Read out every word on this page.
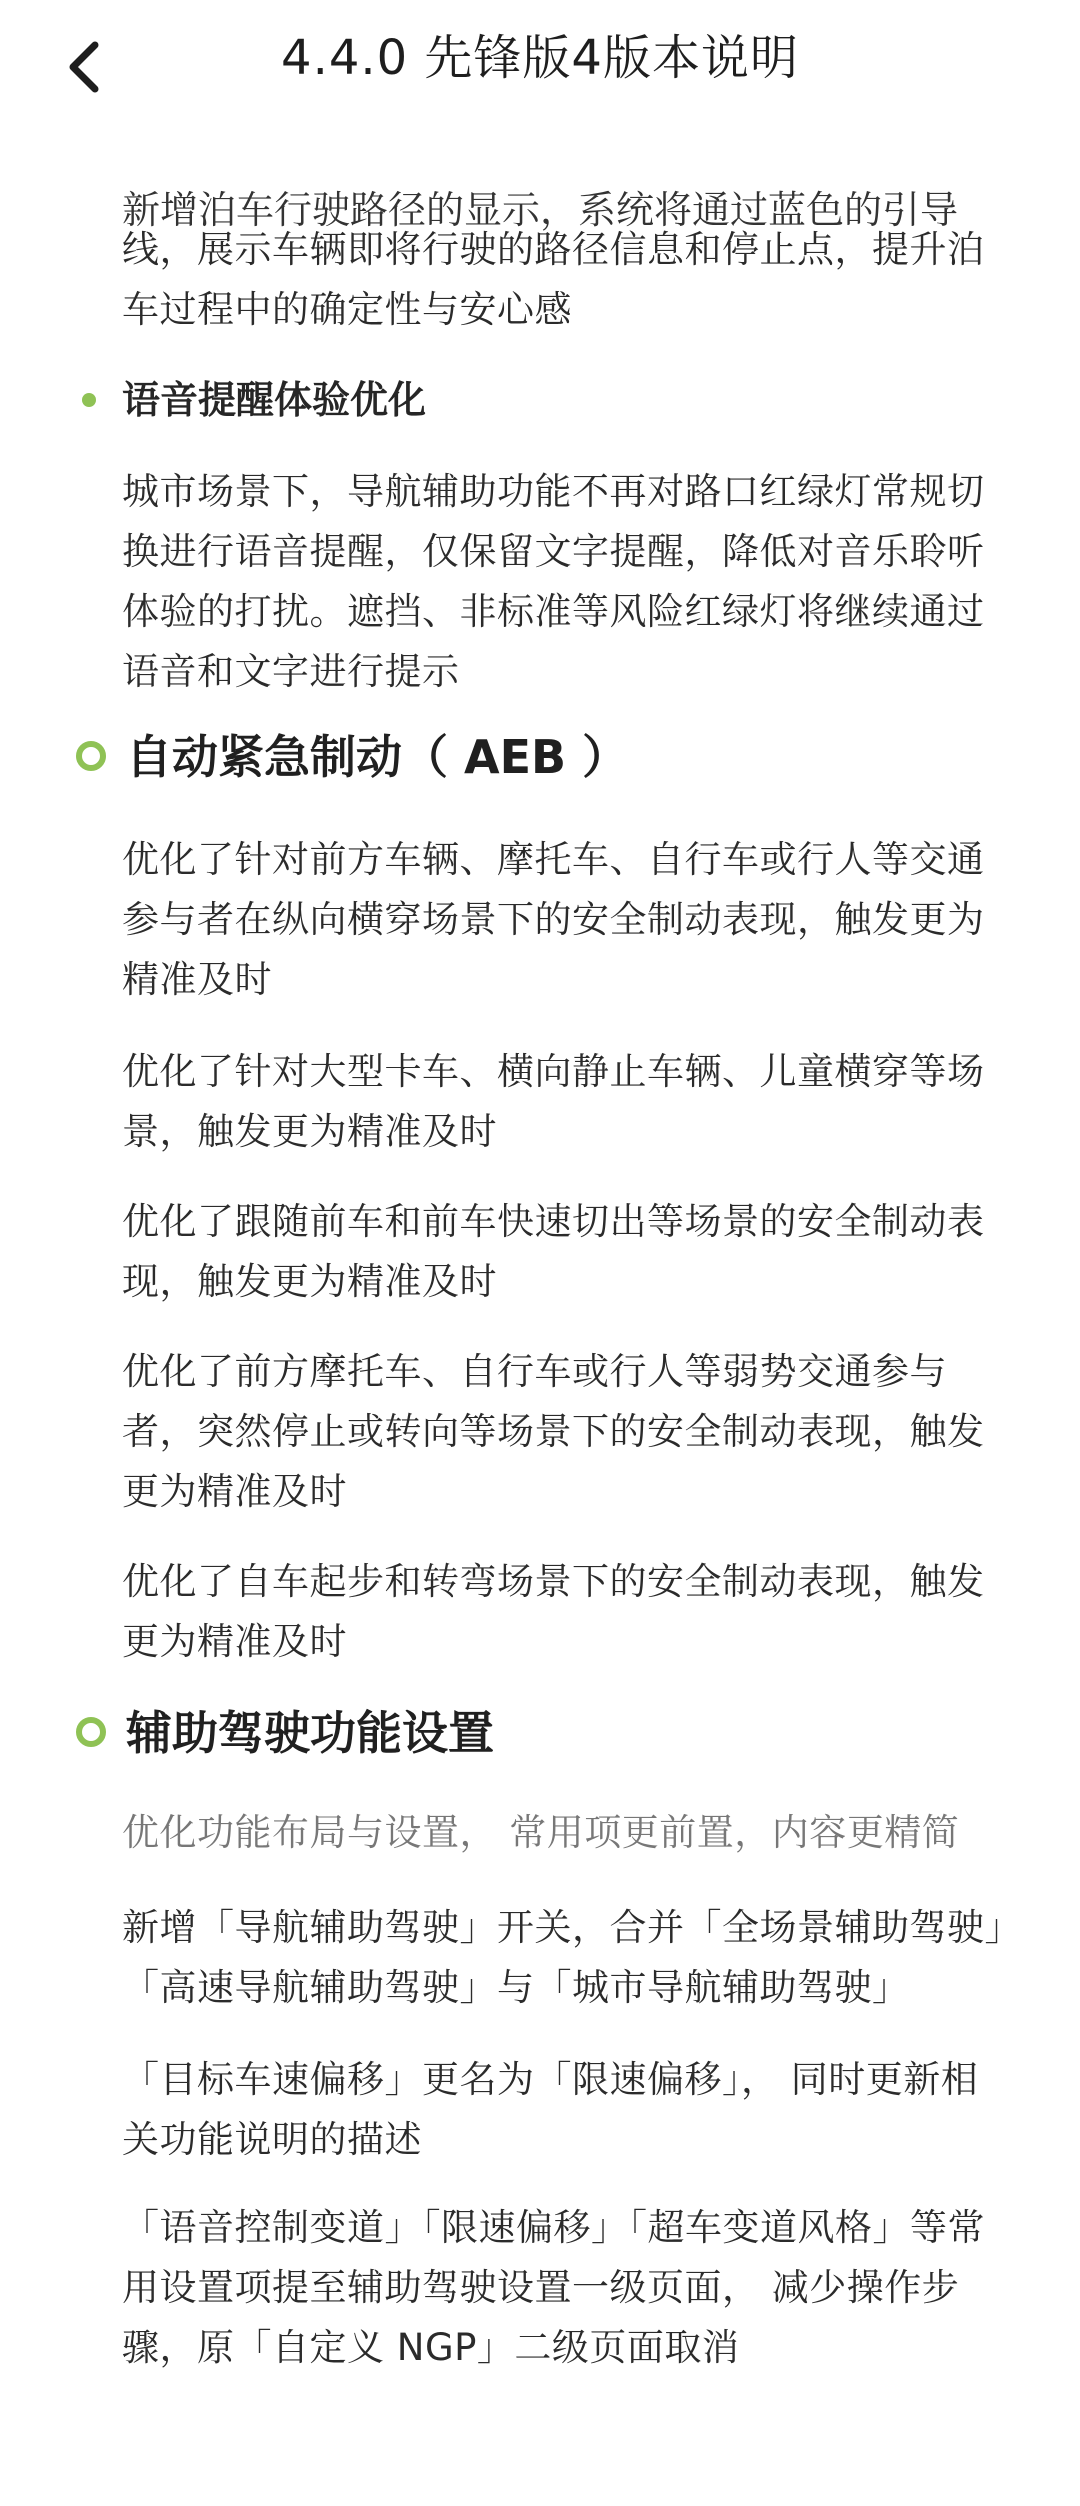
新增泊车行驶路径的显示，系统将通过蓝色的引导
线，展示车辆即将行驶的路径信息和停止点，提升泊车过程中的确定性与安心感
语音提醒体验优化
城市场景下，导航辅助功能不再对路口红绿灯常规切换进行语音提醒，仅保留文字提醒，降低对音乐聆听体验的打扰。遮挡、非标准等风险红绿灯将继续通过语音和文字进行提示
自动紧急制动（ AEB ）
优化了针对前方车辆、摩托车、自行车或行人等交通参与者在纵向横穿场景下的安全制动表现，触发更为精准及时
优化了针对大型卡车、横向静止车辆、儿童横穿等场景，触发更为精准及时
优化了跟随前车和前车快速切出等场景的安全制动表现，触发更为精准及时
优化了前方摩托车、自行车或行人等弱势交通参与者，突然停止或转向等场景下的安全制动表现，触发更为精准及时
优化了自车起步和转弯场景下的安全制动表现，触发更为精准及时
辅助驾驶功能设置
优化功能布局与设置， 常用项更前置，内容更精简
新增「导航辅助驾驶」开关，合并「全场景辅助驾驶」「高速导航辅助驾驶」与「城市导航辅助驾驶」
「目标车速偏移」更名为「限速偏移」， 同时更新相关功能说明的描述
「语音控制变道」「限速偏移」「超车变道风格」等常用设置项提至辅助驾驶设置一级页面， 减少操作步骤，原「自定义 NGP」二级页面取消
4.4.0 先锋版4版本说明
